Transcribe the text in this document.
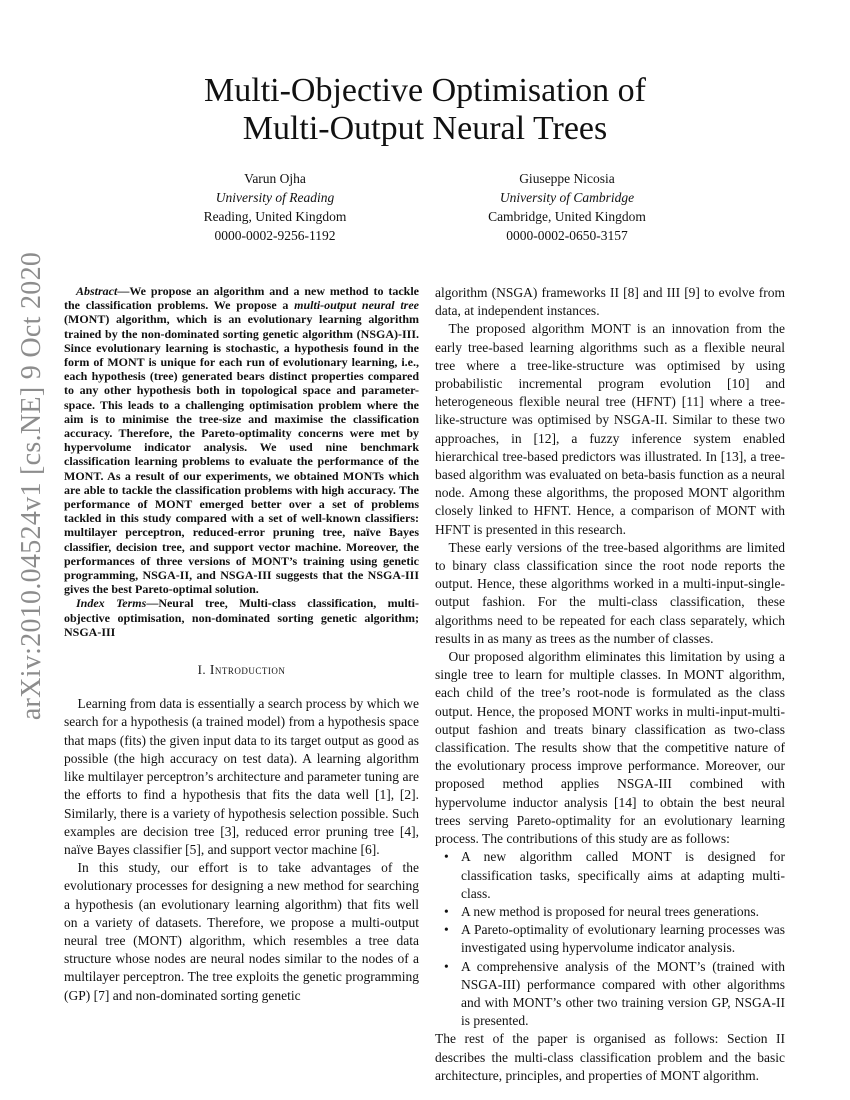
arXiv:2010.04524v1 [cs.NE] 9 Oct 2020
Multi-Objective Optimisation of
Multi-Output Neural Trees
Varun Ojha
University of Reading
Reading, United Kingdom
0000-0002-9256-1192
Giuseppe Nicosia
University of Cambridge
Cambridge, United Kingdom
0000-0002-0650-3157

Abstract—We propose an algorithm and a new method to tackle the classification problems. We propose a multi-output neural tree (MONT) algorithm, which is an evolutionary learning algorithm trained by the non-dominated sorting genetic algorithm (NSGA)-III. Since evolutionary learning is stochastic, a hypothesis found in the form of MONT is unique for each run of evolutionary learning, i.e., each hypothesis (tree) generated bears distinct properties compared to any other hypothesis both in topological space and parameter-space. This leads to a challenging optimisation problem where the aim is to minimise the tree-size and maximise the classification accuracy. Therefore, the Pareto-optimality concerns were met by hypervolume indicator analysis. We used nine benchmark classification learning problems to evaluate the performance of the MONT. As a result of our experiments, we obtained MONTs which are able to tackle the classification problems with high accuracy. The performance of MONT emerged better over a set of problems tackled in this study compared with a set of well-known classifiers: multilayer perceptron, reduced-error pruning tree, naïve Bayes classifier, decision tree, and support vector machine. Moreover, the performances of three versions of MONT’s training using genetic programming, NSGA-II, and NSGA-III suggests that the NSGA-III gives the best Pareto-optimal solution.

Index Terms—Neural tree, Multi-class classification, multi-objective optimisation, non-dominated sorting genetic algorithm; NSGA-III

I. Introduction

Learning from data is essentially a search process by which we search for a hypothesis (a trained model) from a hypothesis space that maps (fits) the given input data to its target output as good as possible (the high accuracy on test data). A learning algorithm like multilayer perceptron’s architecture and parameter tuning are the efforts to find a hypothesis that fits the data well [1], [2]. Similarly, there is a variety of hypothesis selection possible. Such examples are decision tree [3], reduced error pruning tree [4], naïve Bayes classifier [5], and support vector machine [6].

In this study, our effort is to take advantages of the evolutionary processes for designing a new method for searching a hypothesis (an evolutionary learning algorithm) that fits well on a variety of datasets. Therefore, we propose a multi-output neural tree (MONT) algorithm, which resembles a tree data structure whose nodes are neural nodes similar to the nodes of a multilayer perceptron. The tree exploits the genetic programming (GP) [7] and non-dominated sorting genetic

algorithm (NSGA) frameworks II [8] and III [9] to evolve from data, at independent instances.

The proposed algorithm MONT is an innovation from the early tree-based learning algorithms such as a flexible neural tree where a tree-like-structure was optimised by using probabilistic incremental program evolution [10] and heterogeneous flexible neural tree (HFNT) [11] where a tree-like-structure was optimised by NSGA-II. Similar to these two approaches, in [12], a fuzzy inference system enabled hierarchical tree-based predictors was illustrated. In [13], a tree-based algorithm was evaluated on beta-basis function as a neural node. Among these algorithms, the proposed MONT algorithm closely linked to HFNT. Hence, a comparison of MONT with HFNT is presented in this research.

These early versions of the tree-based algorithms are limited to binary class classification since the root node reports the output. Hence, these algorithms worked in a multi-input-single-output fashion. For the multi-class classification, these algorithms need to be repeated for each class separately, which results in as many as trees as the number of classes.

Our proposed algorithm eliminates this limitation by using a single tree to learn for multiple classes. In MONT algorithm, each child of the tree’s root-node is formulated as the class output. Hence, the proposed MONT works in multi-input-multi-output fashion and treats binary classification as two-class classification. The results show that the competitive nature of the evolutionary process improve performance. Moreover, our proposed method applies NSGA-III combined with hypervolume inductor analysis [14] to obtain the best neural trees serving Pareto-optimality for an evolutionary learning process. The contributions of this study are as follows:

• A new algorithm called MONT is designed for classification tasks, specifically aims at adapting multi-class.
• A new method is proposed for neural trees generations.
• A Pareto-optimality of evolutionary learning processes was investigated using hypervolume indicator analysis.
• A comprehensive analysis of the MONT’s (trained with NSGA-III) performance compared with other algorithms and with MONT’s other two training version GP, NSGA-II is presented.

The rest of the paper is organised as follows: Section II describes the multi-class classification problem and the basic architecture, principles, and properties of MONT algorithm.
